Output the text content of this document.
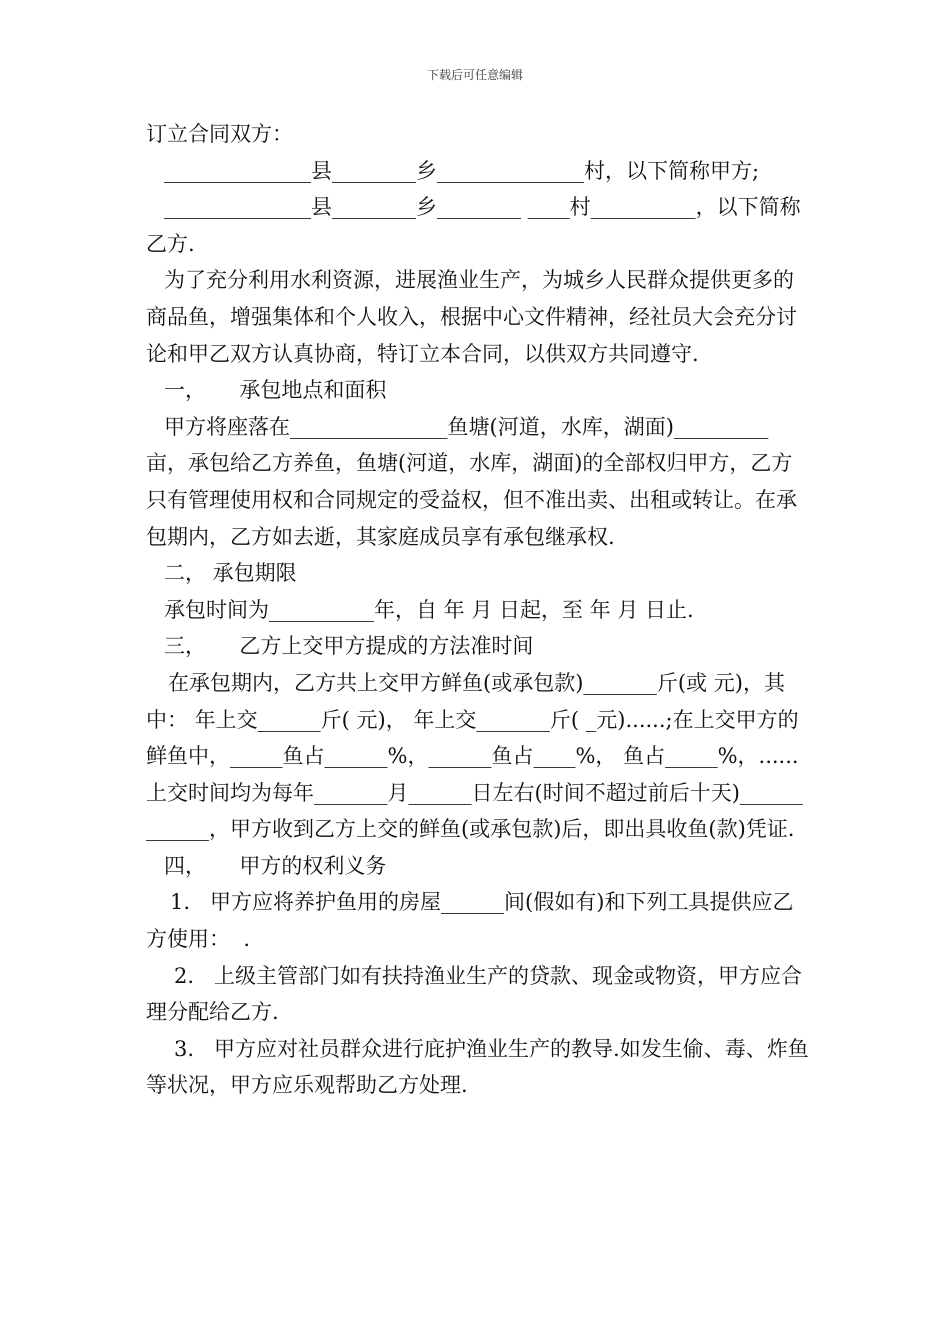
下载后可任意编辑

订立合同双方：

______________县________乡______________村，以下简称甲方;

______________县________乡________ ____村__________，以下简称乙方.

为了充分利用水利资源，进展渔业生产，为城乡人民群众提供更多的商品鱼，增强集体和个人收入，根据中心文件精神，经社员大会充分讨论和甲乙双方认真协商，特订立本合同，以供双方共同遵守.

一，     承包地点和面积

甲方将座落在_______________鱼塘(河道，水库，湖面)_________亩，承包给乙方养鱼，鱼塘(河道，水库，湖面)的全部权归甲方，乙方只有管理使用权和合同规定的受益权，但不准出卖、出租或转让。在承包期内，乙方如去逝，其家庭成员享有承包继承权.

二， 承包期限

承包时间为__________年，自 年 月 日起，至 年 月 日止.

三，     乙方上交甲方提成的方法准时间

在承包期内，乙方共上交甲方鲜鱼(或承包款)_______斤(或 元)，其中： 年上交______斤( 元)， 年上交_______斤( _元)......;在上交甲方的鲜鱼中，_____鱼占______%，______鱼占____%， 鱼占_____%，......上交时间均为每年_______月______日左右(时间不超过前后十天)____________，甲方收到乙方上交的鲜鱼(或承包款)后，即出具收鱼(款)凭证.

四，     甲方的权利义务

1.   甲方应将养护鱼用的房屋______间(假如有)和下列工具提供应乙方使用：  .

2.   上级主管部门如有扶持渔业生产的贷款、现金或物资，甲方应合理分配给乙方.

3.   甲方应对社员群众进行庇护渔业生产的教导.如发生偷、毒、炸鱼等状况，甲方应乐观帮助乙方处理.
